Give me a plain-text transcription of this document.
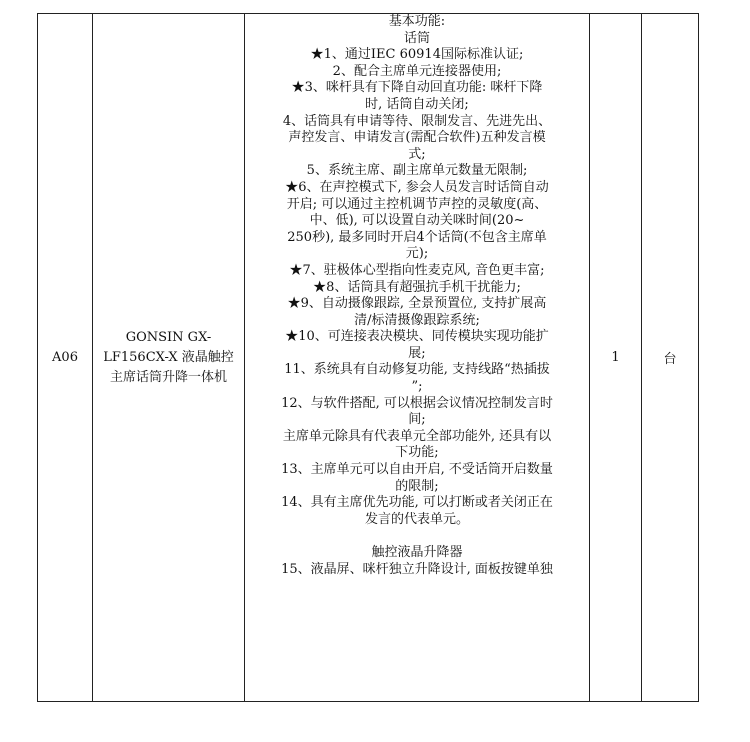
A06
GONSIN GX-LF156CX-X 液晶触控主席话筒升降一体机
基本功能:
话筒
★1、通过IEC 60914国际标准认证;
2、配合主席单元连接器使用;
★3、咪杆具有下降自动回直功能: 咪杆下降
时, 话筒自动关闭;
4、话筒具有申请等待、限制发言、先进先出、
声控发言、申请发言(需配合软件)五种发言模
式;
5、系统主席、副主席单元数量无限制;
★6、在声控模式下, 参会人员发言时话筒自动
开启; 可以通过主控机调节声控的灵敏度(高、
中、低), 可以设置自动关咪时间(20~
250秒), 最多同时开启4个话筒(不包含主席单
元);
★7、驻极体心型指向性麦克风, 音色更丰富;
★8、话筒具有超强抗手机干扰能力;
★9、自动摄像跟踪, 全景预置位, 支持扩展高
清/标清摄像跟踪系统;
★10、可连接表决模块、同传模块实现功能扩
展;
11、系统具有自动修复功能, 支持线路“热插拔
”;
12、与软件搭配, 可以根据会议情况控制发言时
间;
主席单元除具有代表单元全部功能外, 还具有以
下功能;
13、主席单元可以自由开启, 不受话筒开启数量
的限制;
14、具有主席优先功能, 可以打断或者关闭正在
发言的代表单元。
触控液晶升降器
15、液晶屏、咪杆独立升降设计, 面板按键单独
1	台
